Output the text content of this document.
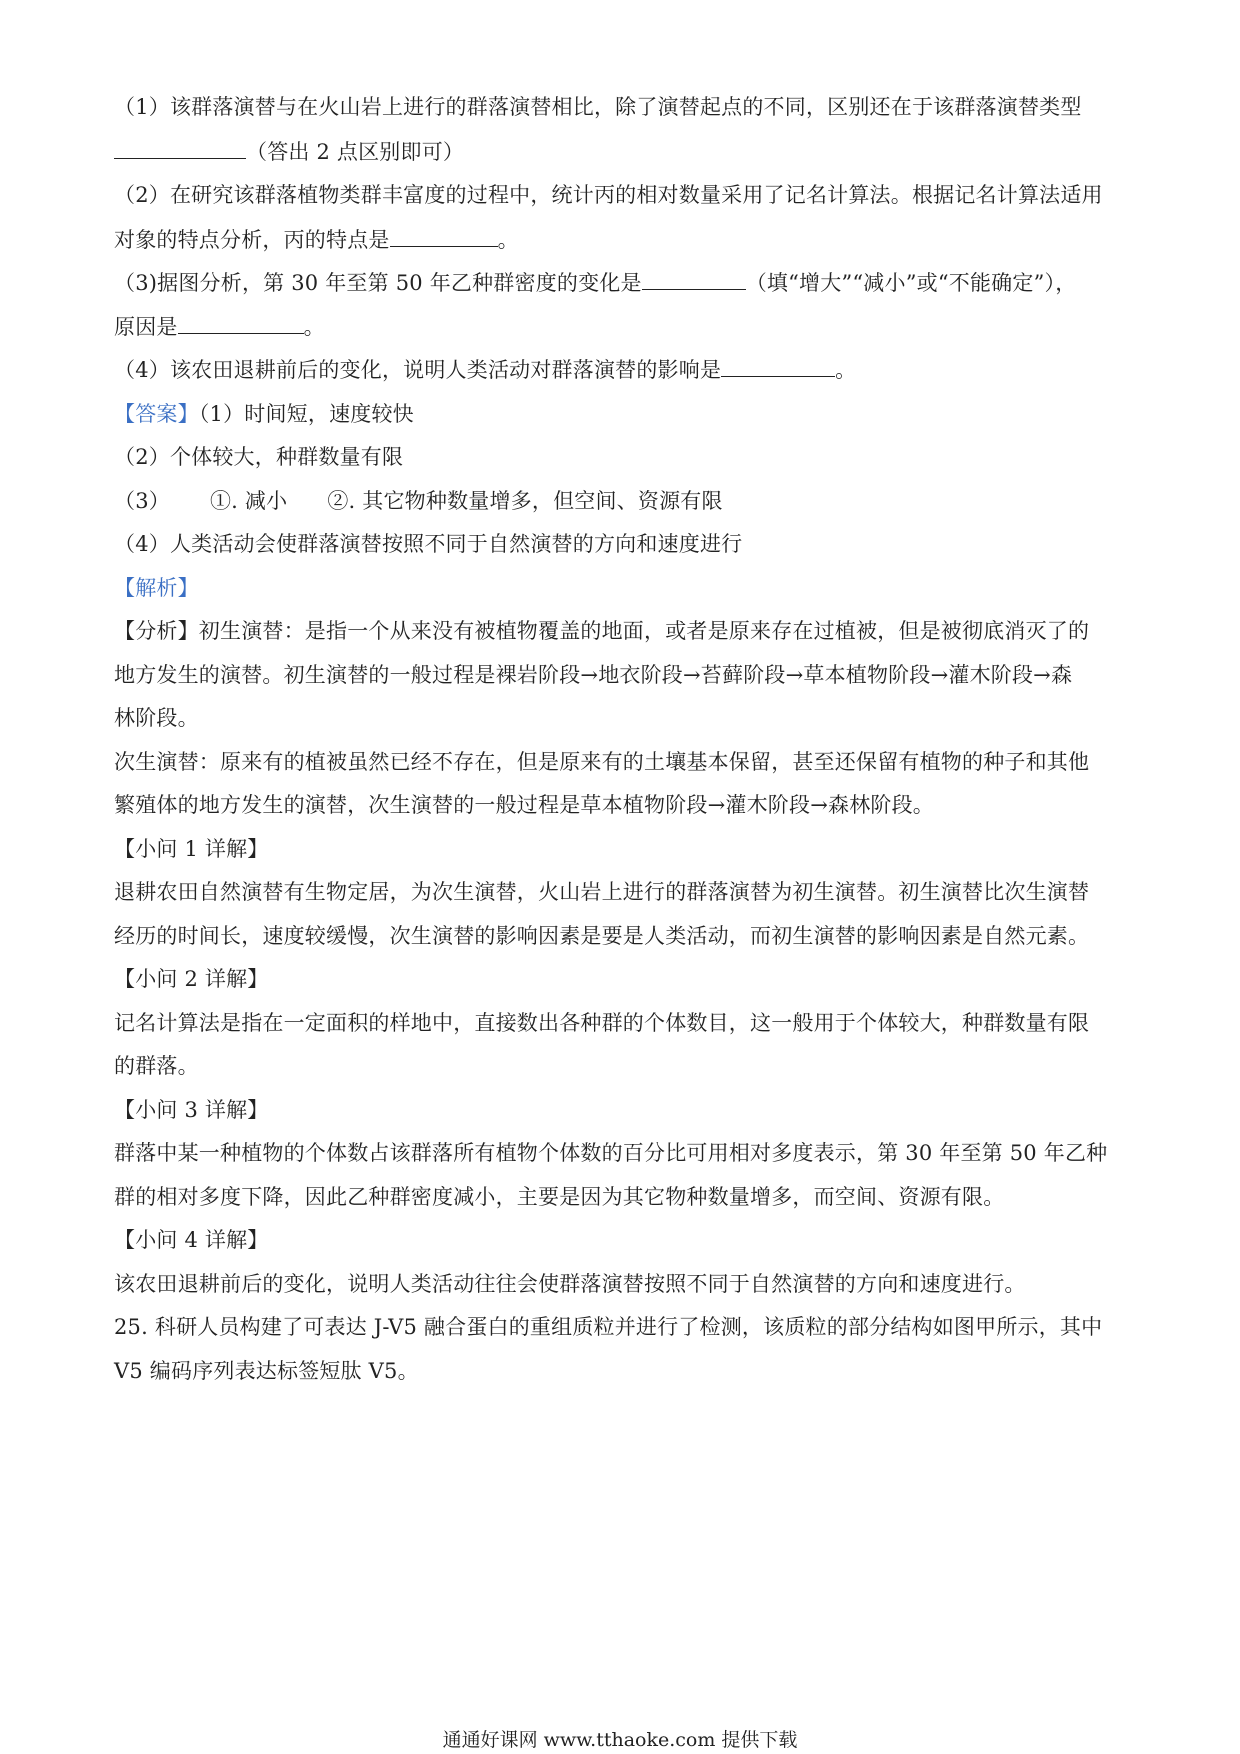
（1）该群落演替与在火山岩上进行的群落演替相比，除了演替起点的不同，区别还在于该群落演替类型
（答出 2 点区别即可）
（2）在研究该群落植物类群丰富度的过程中，统计丙的相对数量采用了记名计算法。根据记名计算法适用
对象的特点分析，丙的特点是	。
（3)据图分析，第 30 年至第 50 年乙种群密度的变化是	（填“增大”“减小”或“不能确定”），
原因是	。
（4）该农田退耕前后的变化，说明人类活动对群落演替的影响是	。
【答案】（1）时间短，速度较快
（2）个体较大，种群数量有限
（3） ①. 减小 ②. 其它物种数量增多，但空间、资源有限
（4）人类活动会使群落演替按照不同于自然演替的方向和速度进行
【解析】
【分析】初生演替：是指一个从来没有被植物覆盖的地面，或者是原来存在过植被，但是被彻底消灭了的
地方发生的演替。初生演替的一般过程是裸岩阶段→地衣阶段→苔藓阶段→草本植物阶段→灌木阶段→森
林阶段。
次生演替：原来有的植被虽然已经不存在，但是原来有的土壤基本保留，甚至还保留有植物的种子和其他
繁殖体的地方发生的演替，次生演替的一般过程是草本植物阶段→灌木阶段→森林阶段。
【小问 1 详解】
退耕农田自然演替有生物定居，为次生演替，火山岩上进行的群落演替为初生演替。初生演替比次生演替
经历的时间长，速度较缓慢，次生演替的影响因素是要是人类活动，而初生演替的影响因素是自然元素。
【小问 2 详解】
记名计算法是指在一定面积的样地中，直接数出各种群的个体数目，这一般用于个体较大，种群数量有限
的群落。
【小问 3 详解】
群落中某一种植物的个体数占该群落所有植物个体数的百分比可用相对多度表示，第 30 年至第 50 年乙种
群的相对多度下降，因此乙种群密度减小，主要是因为其它物种数量增多，而空间、资源有限。
【小问 4 详解】
该农田退耕前后的变化，说明人类活动往往会使群落演替按照不同于自然演替的方向和速度进行。
25. 科研人员构建了可表达 J-V5 融合蛋白的重组质粒并进行了检测，该质粒的部分结构如图甲所示，其中
V5 编码序列表达标签短肽 V5。
通通好课网 www.tthaoke.com 提供下载
